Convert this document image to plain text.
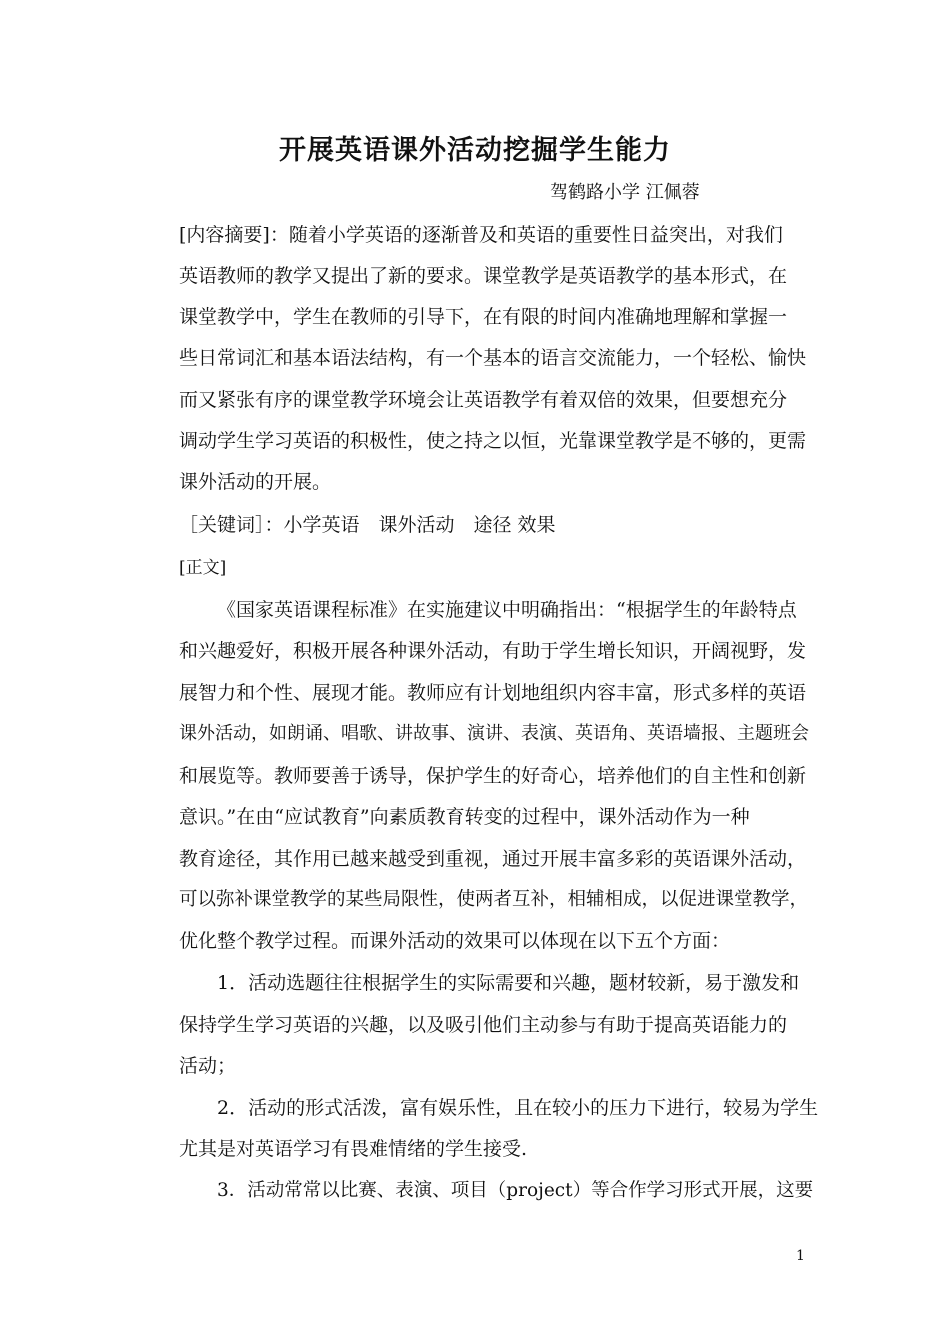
开展英语课外活动挖掘学生能力
驾鹤路小学 江佩蓉
[内容摘要]：随着小学英语的逐渐普及和英语的重要性日益突出，对我们
英语教师的教学又提出了新的要求。课堂教学是英语教学的基本形式，在
课堂教学中，学生在教师的引导下，在有限的时间内准确地理解和掌握一
些日常词汇和基本语法结构，有一个基本的语言交流能力，一个轻松、愉快
而又紧张有序的课堂教学环境会让英语教学有着双倍的效果，但要想充分
调动学生学习英语的积极性，使之持之以恒，光靠课堂教学是不够的，更需
课外活动的开展。
［关键词］：小学英语　课外活动　途径 效果
[正文]
《国家英语课程标准》在实施建议中明确指出：“根据学生的年龄特点
和兴趣爱好，积极开展各种课外活动，有助于学生增长知识，开阔视野，发
展智力和个性、展现才能。教师应有计划地组织内容丰富，形式多样的英语
课外活动，如朗诵、唱歌、讲故事、演讲、表演、英语角、英语墙报、主题班会
和展览等。教师要善于诱导，保护学生的好奇心，培养他们的自主性和创新
意识。”在由“应试教育”向素质教育转变的过程中，课外活动作为一种
教育途径，其作用已越来越受到重视，通过开展丰富多彩的英语课外活动，
可以弥补课堂教学的某些局限性，使两者互补，相辅相成，以促进课堂教学，
优化整个教学过程。而课外活动的效果可以体现在以下五个方面：
1．活动选题往往根据学生的实际需要和兴趣，题材较新，易于激发和
保持学生学习英语的兴趣，以及吸引他们主动参与有助于提高英语能力的
活动；
2．活动的形式活泼，富有娱乐性，且在较小的压力下进行，较易为学生
尤其是对英语学习有畏难情绪的学生接受.
3．活动常常以比赛、表演、项目（project）等合作学习形式开展，这要
1
